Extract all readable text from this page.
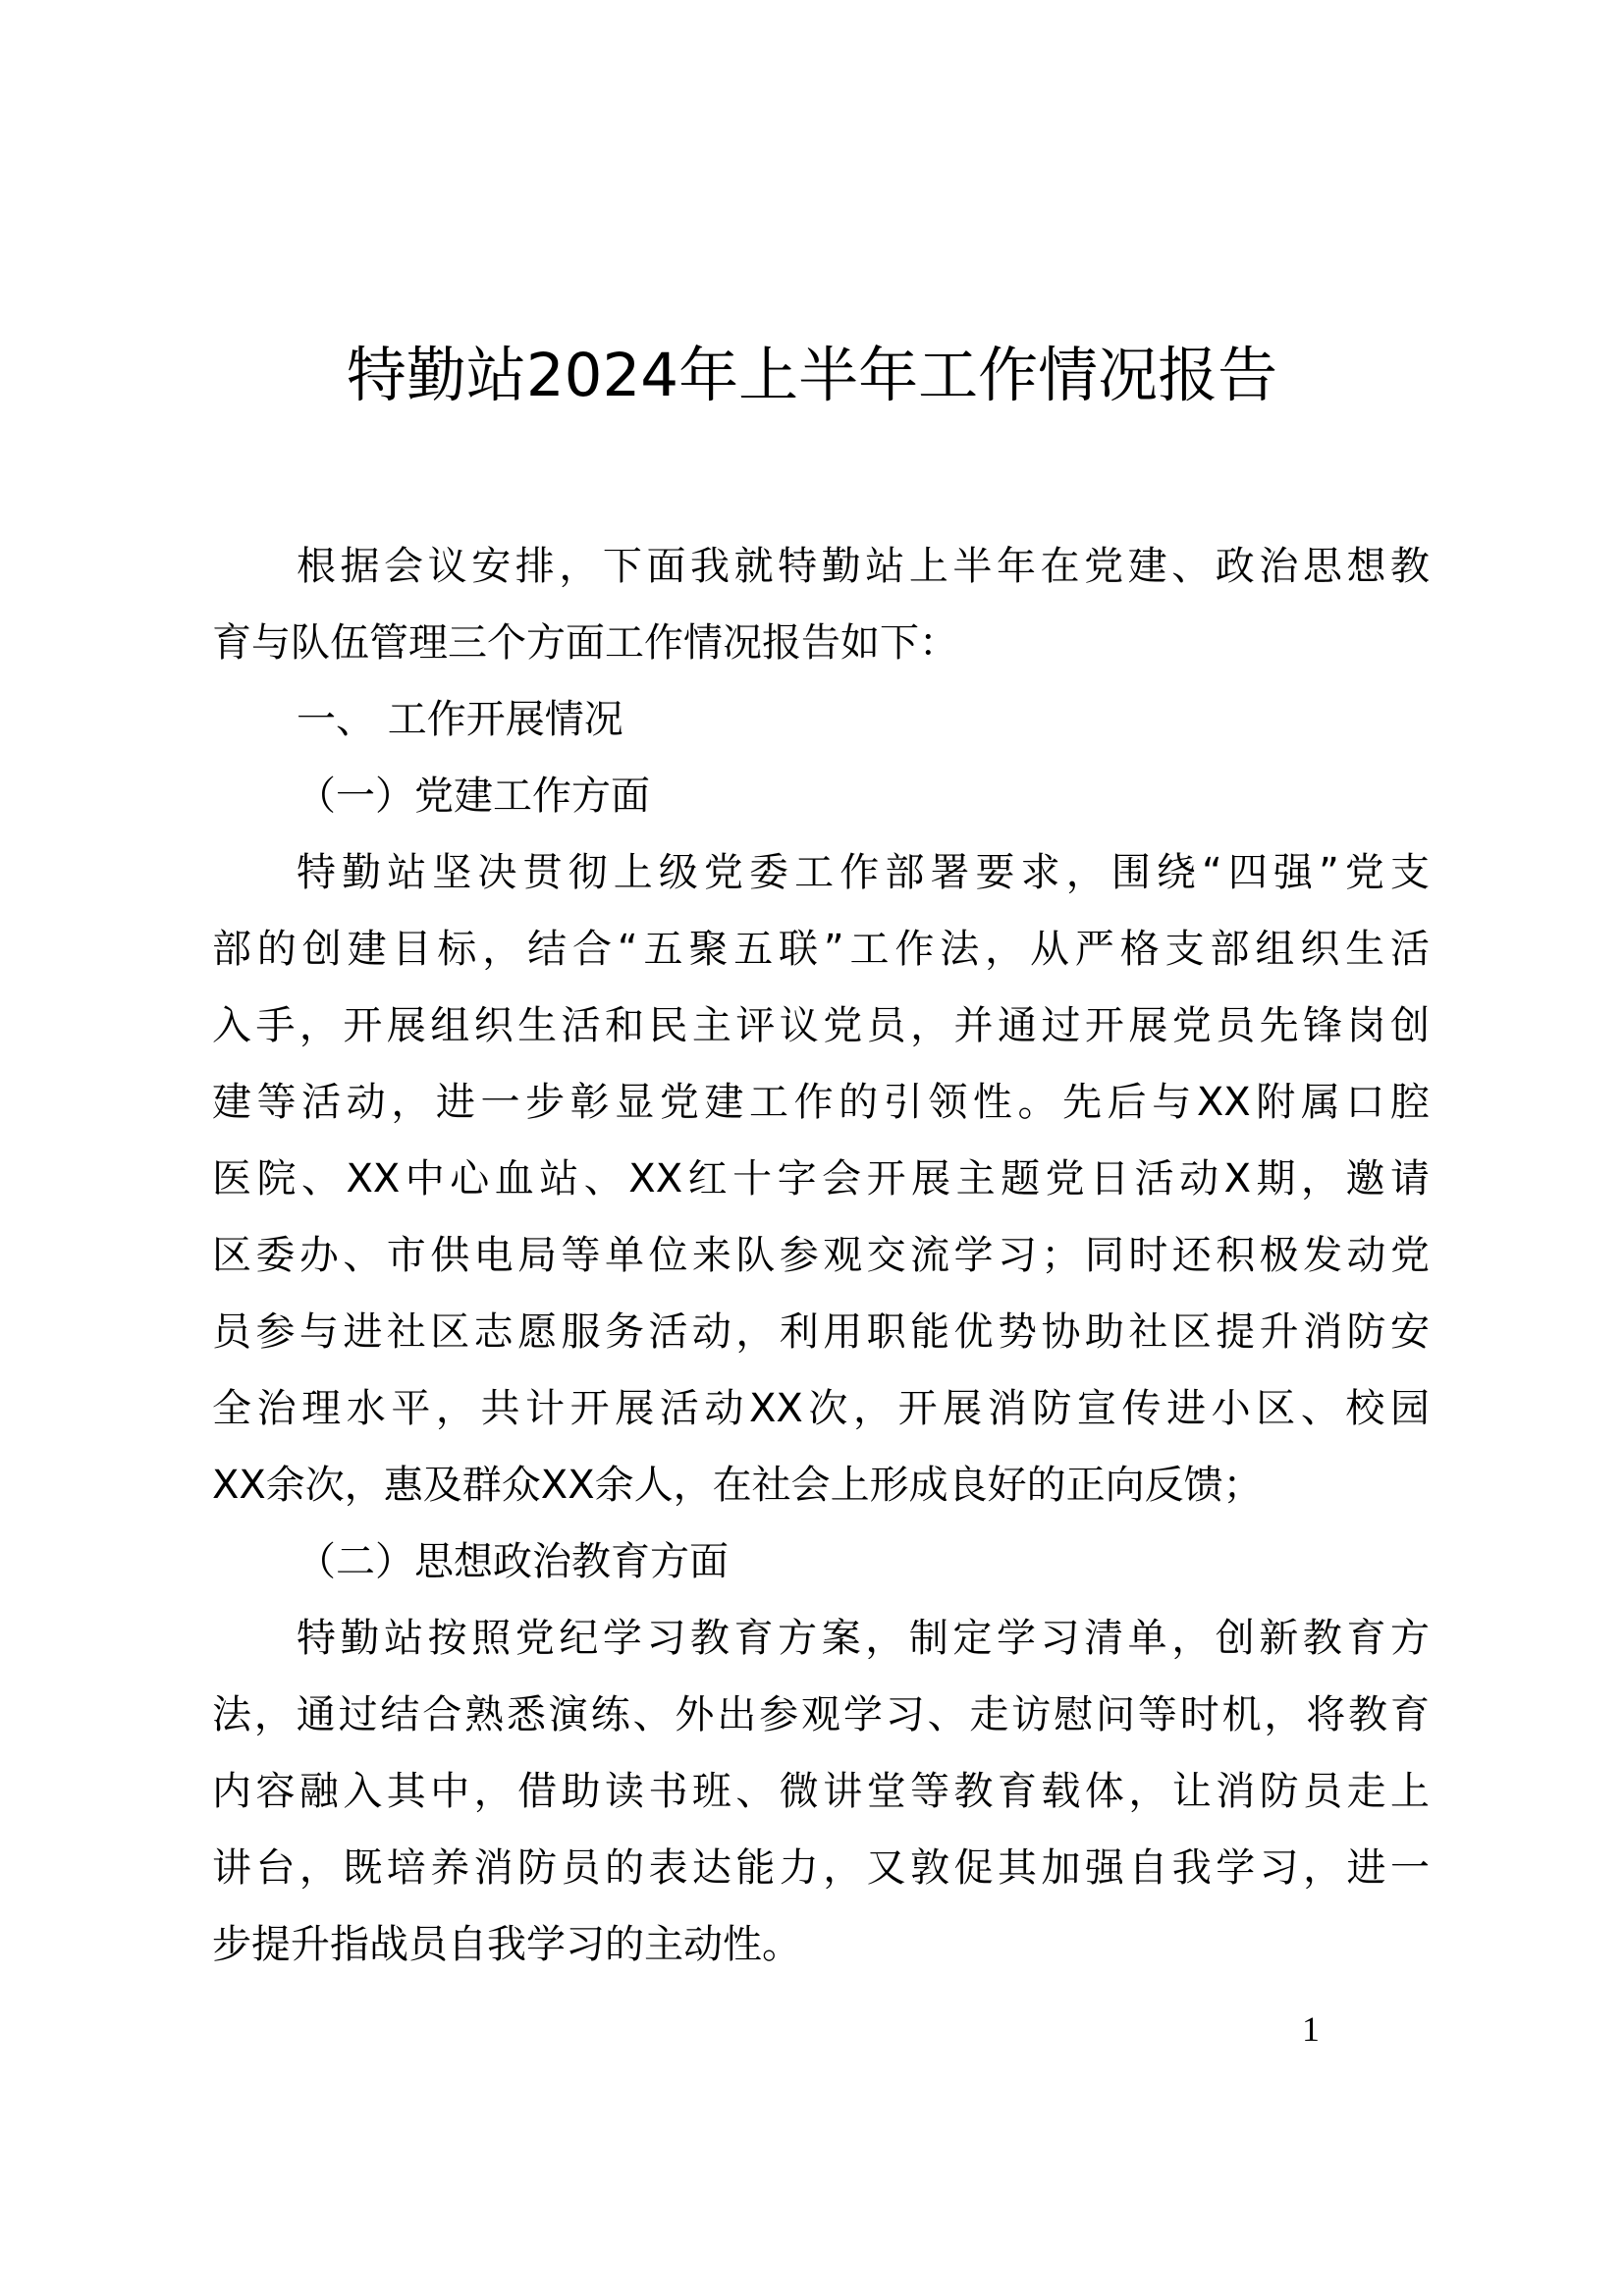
特勤站2024年上半年工作情况报告
根据会议安排，下面我就特勤站上半年在党建、政治思想教
育与队伍管理三个方面工作情况报告如下：
一、 工作开展情况
（一）党建工作方面
特勤站坚决贯彻上级党委工作部署要求，围绕“四强”党支
部的创建目标，结合“五聚五联”工作法，从严格支部组织生活
入手，开展组织生活和民主评议党员，并通过开展党员先锋岗创
建等活动，进一步彰显党建工作的引领性。先后与XX附属口腔
医院、XX中心血站、XX红十字会开展主题党日活动X期，邀请
区委办、市供电局等单位来队参观交流学习；同时还积极发动党
员参与进社区志愿服务活动，利用职能优势协助社区提升消防安
全治理水平，共计开展活动XX次，开展消防宣传进小区、校园
XX余次，惠及群众XX余人，在社会上形成良好的正向反馈；
（二）思想政治教育方面
特勤站按照党纪学习教育方案，制定学习清单，创新教育方
法，通过结合熟悉演练、外出参观学习、走访慰问等时机，将教育
内容融入其中，借助读书班、微讲堂等教育载体，让消防员走上
讲台，既培养消防员的表达能力，又敦促其加强自我学习，进一
步提升指战员自我学习的主动性。
1
